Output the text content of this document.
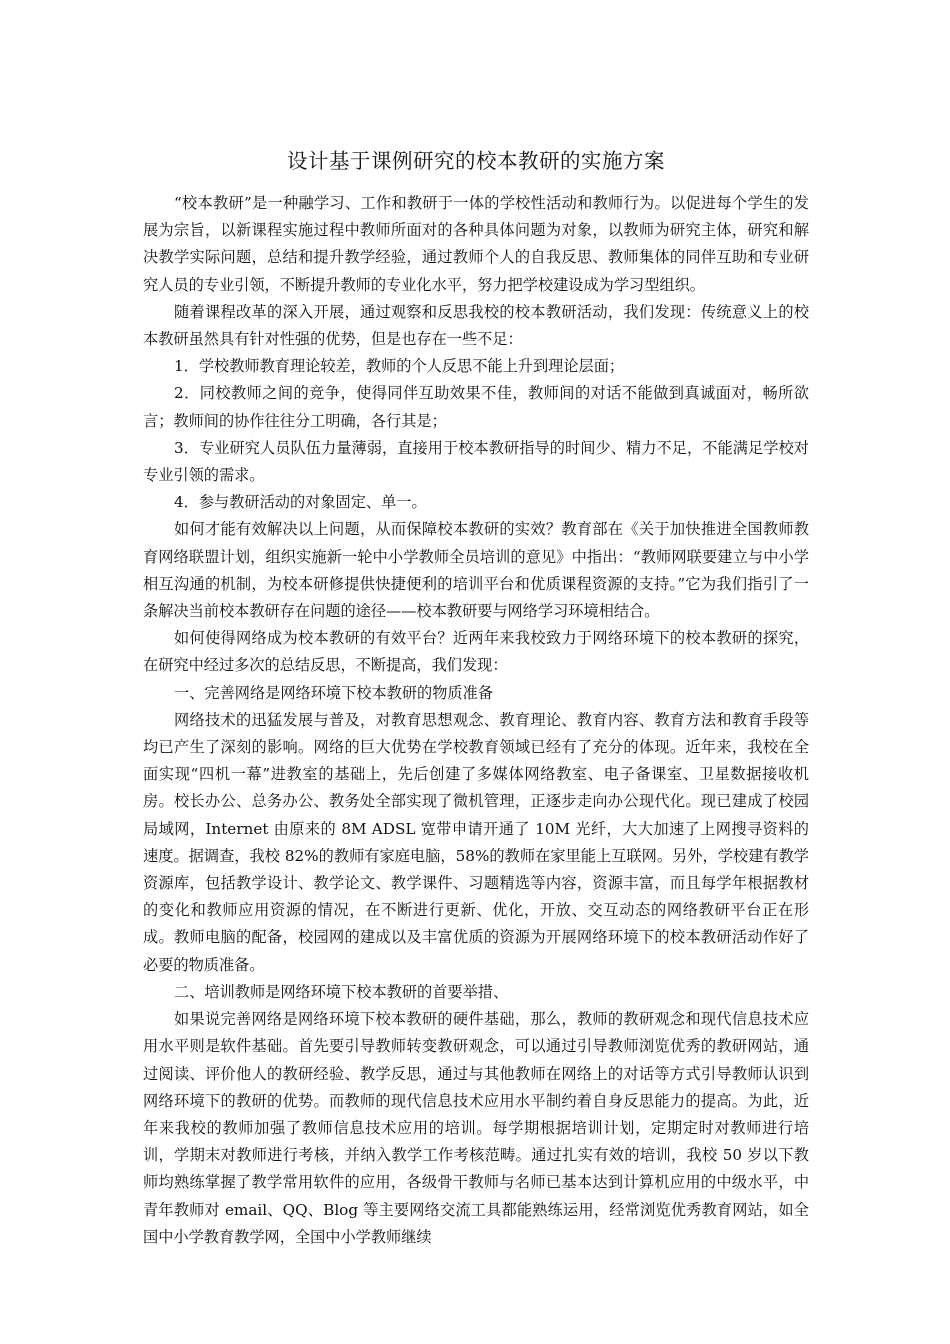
设计基于课例研究的校本教研的实施方案

“校本教研”是一种融学习、工作和教研于一体的学校性活动和教师行为。以促进每个学生的发展为宗旨，以新课程实施过程中教师所面对的各种具体问题为对象，以教师为研究主体，研究和解决教学实际问题，总结和提升教学经验，通过教师个人的自我反思、教师集体的同伴互助和专业研究人员的专业引领，不断提升教师的专业化水平，努力把学校建设成为学习型组织。

随着课程改革的深入开展，通过观察和反思我校的校本教研活动，我们发现：传统意义上的校本教研虽然具有针对性强的优势，但是也存在一些不足：

1．学校教师教育理论较差，教师的个人反思不能上升到理论层面；

2．同校教师之间的竞争，使得同伴互助效果不佳，教师间的对话不能做到真诚面对，畅所欲言；教师间的协作往往分工明确，各行其是；

3．专业研究人员队伍力量薄弱，直接用于校本教研指导的时间少、精力不足，不能满足学校对专业引领的需求。

4．参与教研活动的对象固定、单一。

如何才能有效解决以上问题，从而保障校本教研的实效？教育部在《关于加快推进全国教师教育网络联盟计划，组织实施新一轮中小学教师全员培训的意见》中指出：“教师网联要建立与中小学相互沟通的机制，为校本研修提供快捷便利的培训平台和优质课程资源的支持。”它为我们指引了一条解决当前校本教研存在问题的途径——校本教研要与网络学习环境相结合。

如何使得网络成为校本教研的有效平台？近两年来我校致力于网络环境下的校本教研的探究，在研究中经过多次的总结反思，不断提高，我们发现：

一、完善网络是网络环境下校本教研的物质准备

网络技术的迅猛发展与普及，对教育思想观念、教育理论、教育内容、教育方法和教育手段等均已产生了深刻的影响。网络的巨大优势在学校教育领域已经有了充分的体现。近年来，我校在全面实现“四机一幕”进教室的基础上，先后创建了多媒体网络教室、电子备课室、卫星数据接收机房。校长办公、总务办公、教务处全部实现了微机管理，正逐步走向办公现代化。现已建成了校园局域网，Internet 由原来的 8M ADSL 宽带申请开通了 10M 光纤，大大加速了上网搜寻资料的速度。据调查，我校 82%的教师有家庭电脑，58%的教师在家里能上互联网。另外，学校建有教学资源库，包括教学设计、教学论文、教学课件、习题精选等内容，资源丰富，而且每学年根据教材的变化和教师应用资源的情况，在不断进行更新、优化，开放、交互动态的网络教研平台正在形成。教师电脑的配备，校园网的建成以及丰富优质的资源为开展网络环境下的校本教研活动作好了必要的物质准备。

二、培训教师是网络环境下校本教研的首要举措、

如果说完善网络是网络环境下校本教研的硬件基础，那么，教师的教研观念和现代信息技术应用水平则是软件基础。首先要引导教师转变教研观念，可以通过引导教师浏览优秀的教研网站，通过阅读、评价他人的教研经验、教学反思，通过与其他教师在网络上的对话等方式引导教师认识到网络环境下的教研的优势。而教师的现代信息技术应用水平制约着自身反思能力的提高。为此，近年来我校的教师加强了教师信息技术应用的培训。每学期根据培训计划，定期定时对教师进行培训，学期末对教师进行考核，并纳入教学工作考核范畴。通过扎实有效的培训，我校 50 岁以下教师均熟练掌握了教学常用软件的应用，各级骨干教师与名师已基本达到计算机应用的中级水平，中青年教师对 email、QQ、Blog 等主要网络交流工具都能熟练运用，经常浏览优秀教育网站，如全国中小学教育教学网，全国中小学教师继续
